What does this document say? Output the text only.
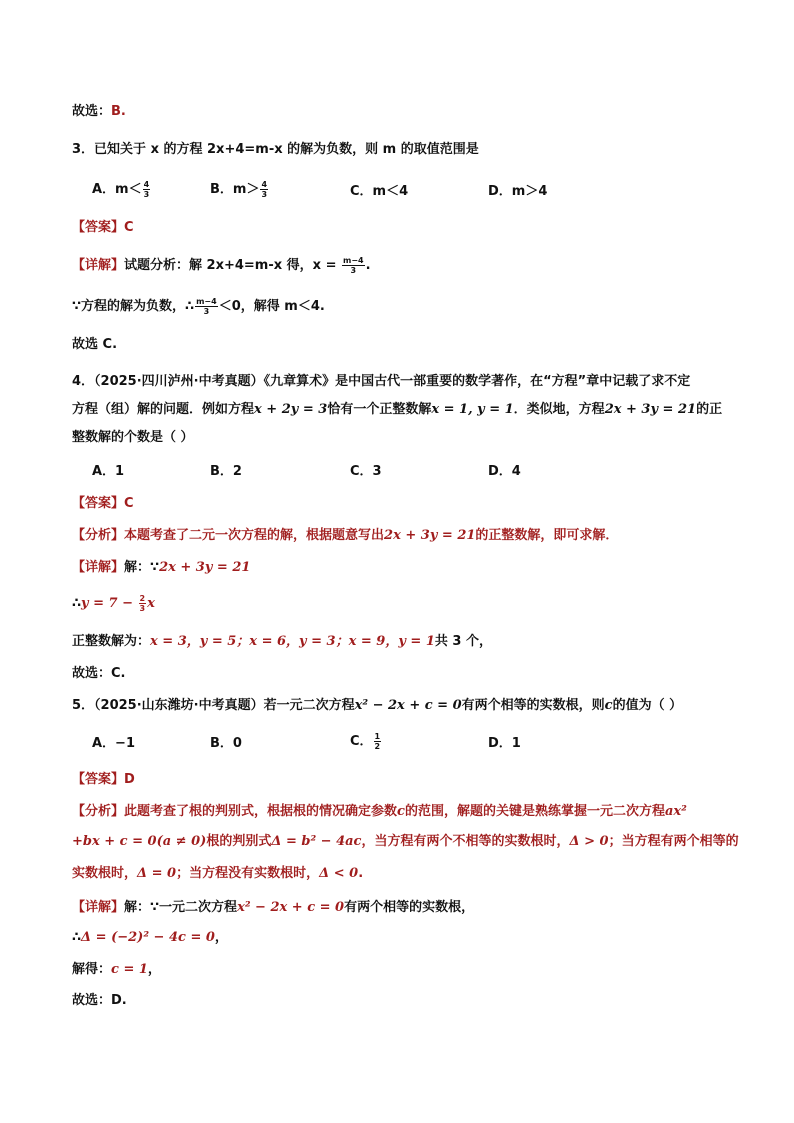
故选：B.
3．已知关于 x 的方程 2x+4=m-x 的解为负数，则 m 的取值范围是
A．$m< \frac{4}{3}$	B．$m> \frac{4}{3}$	C．m＜4	D．m＞4
【答案】C
【详解】试题分析：解 2x+4=m-x 得，$x = \frac{m-4}{3}$ .
∵方程的解为负数，∴ $\frac{m-4}{3} <0$，解得 m＜4.
故选 C.
4．（2025·四川泸州·中考真题）《九章算术》是中国古代一部重要的数学著作，在“方程”章中记载了求不定
方程（组）解的问题．例如方程x + 2y = 3恰有一个正整数解x = 1, y = 1．类似地，方程2x + 3y = 21的正
整数解的个数是（ ）
A．1	B．2	C．3	D．4
【答案】C
【分析】本题考查了二元一次方程的解，根据题意写出2x + 3y = 21的正整数解，即可求解．
【详解】解：∵2x + 3y = 21
∴y = $7 - \frac{2}{3}$ x
正整数解为：x = 3，y = 5；x = 6，y = 3；x = 9，y = 1共 3 个，
故选：C.
5．（2025·山东潍坊·中考真题）若一元二次方程x² − 2x + c = 0有两个相等的实数根，则c的值为（ ）
A．−1	B．0	C． $\frac{1}{2}$	D．1
【答案】D
【分析】此题考查了根的判别式，根据根的情况确定参数c的范围，解题的关键是熟练掌握一元二次方程ax²
+bx + c = 0(a ≠ 0)根的判别式Δ = b² − 4ac，当方程有两个不相等的实数根时，Δ > 0；当方程有两个相等的
实数根时，Δ = 0；当方程没有实数根时，Δ < 0.
【详解】解：∵一元二次方程x² − 2x + c = 0有两个相等的实数根，
∴Δ = (−2)² − 4c = 0，
解得：c = 1，
故选：D.
